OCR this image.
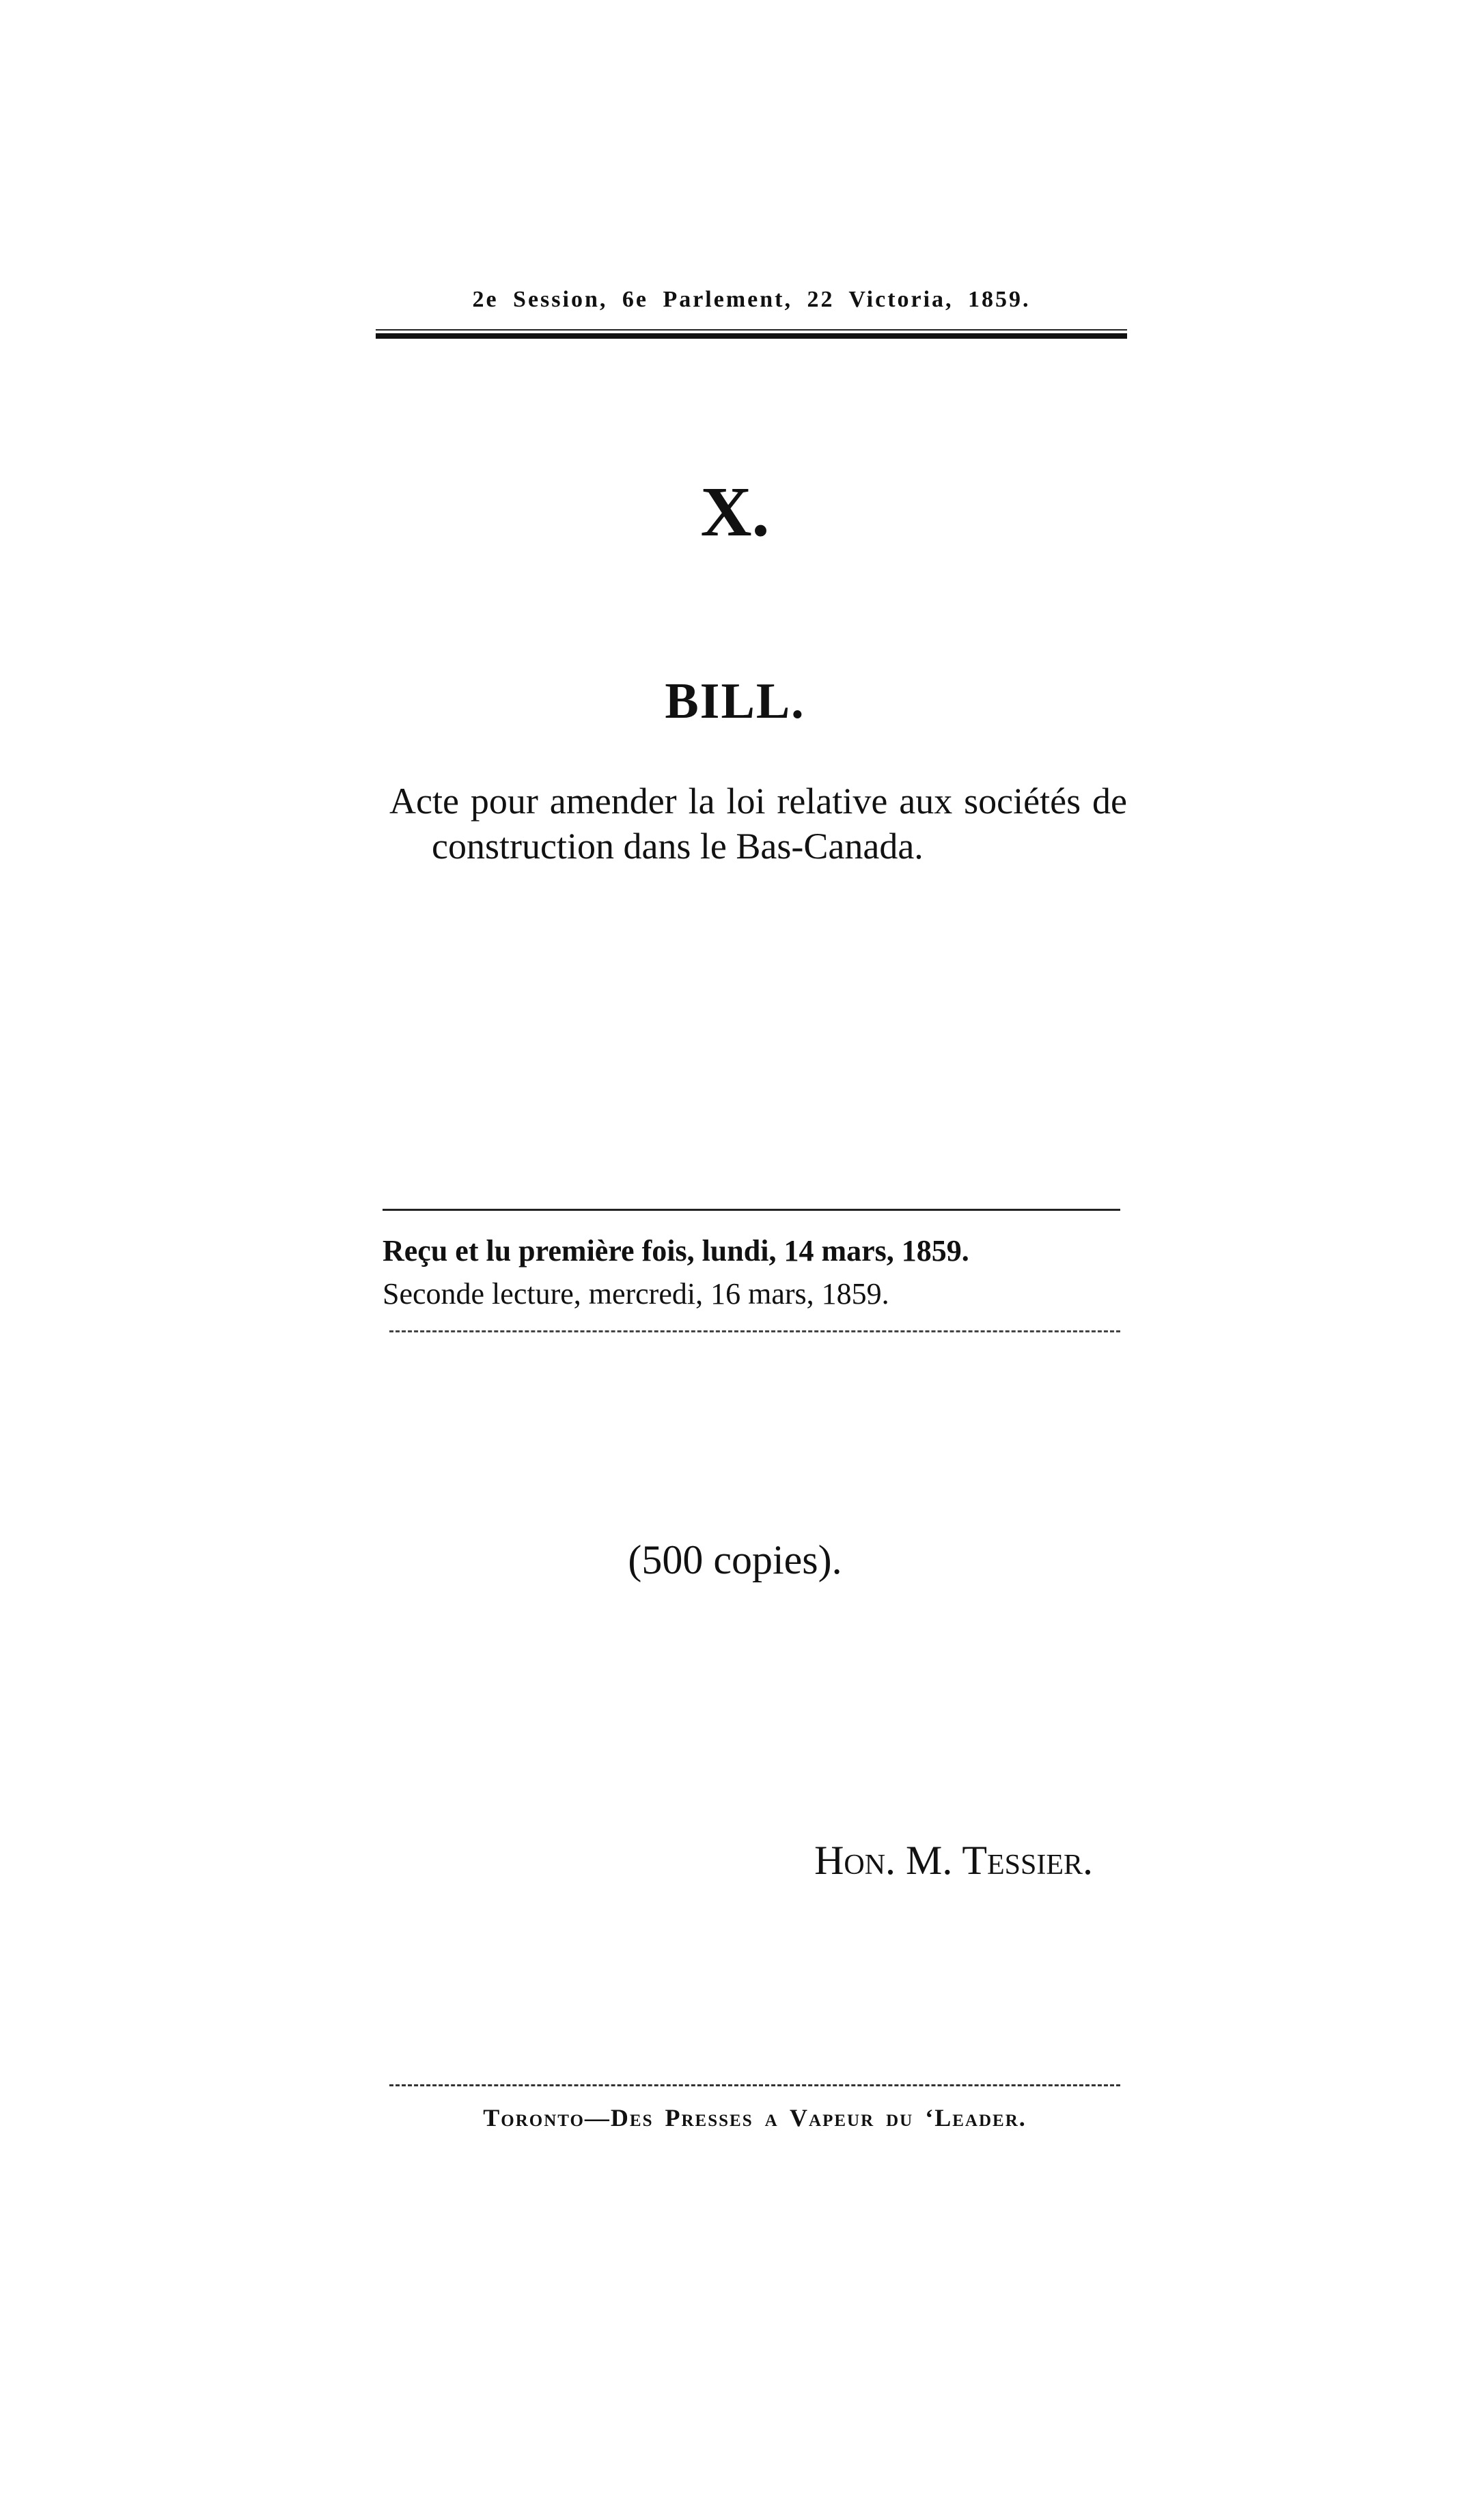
2e Session, 6e Parlement, 22 Victoria, 1859.
X.
BILL.
Acte pour amender la loi relative aux sociétés de construction dans le Bas-Canada.
Reçu et lu première fois, lundi, 14 mars, 1859.
Seconde lecture, mercredi, 16 mars, 1859.
(500 copies).
Hon. M. Tessier.
Toronto—Des Presses a Vapeur du ‘Leader.
